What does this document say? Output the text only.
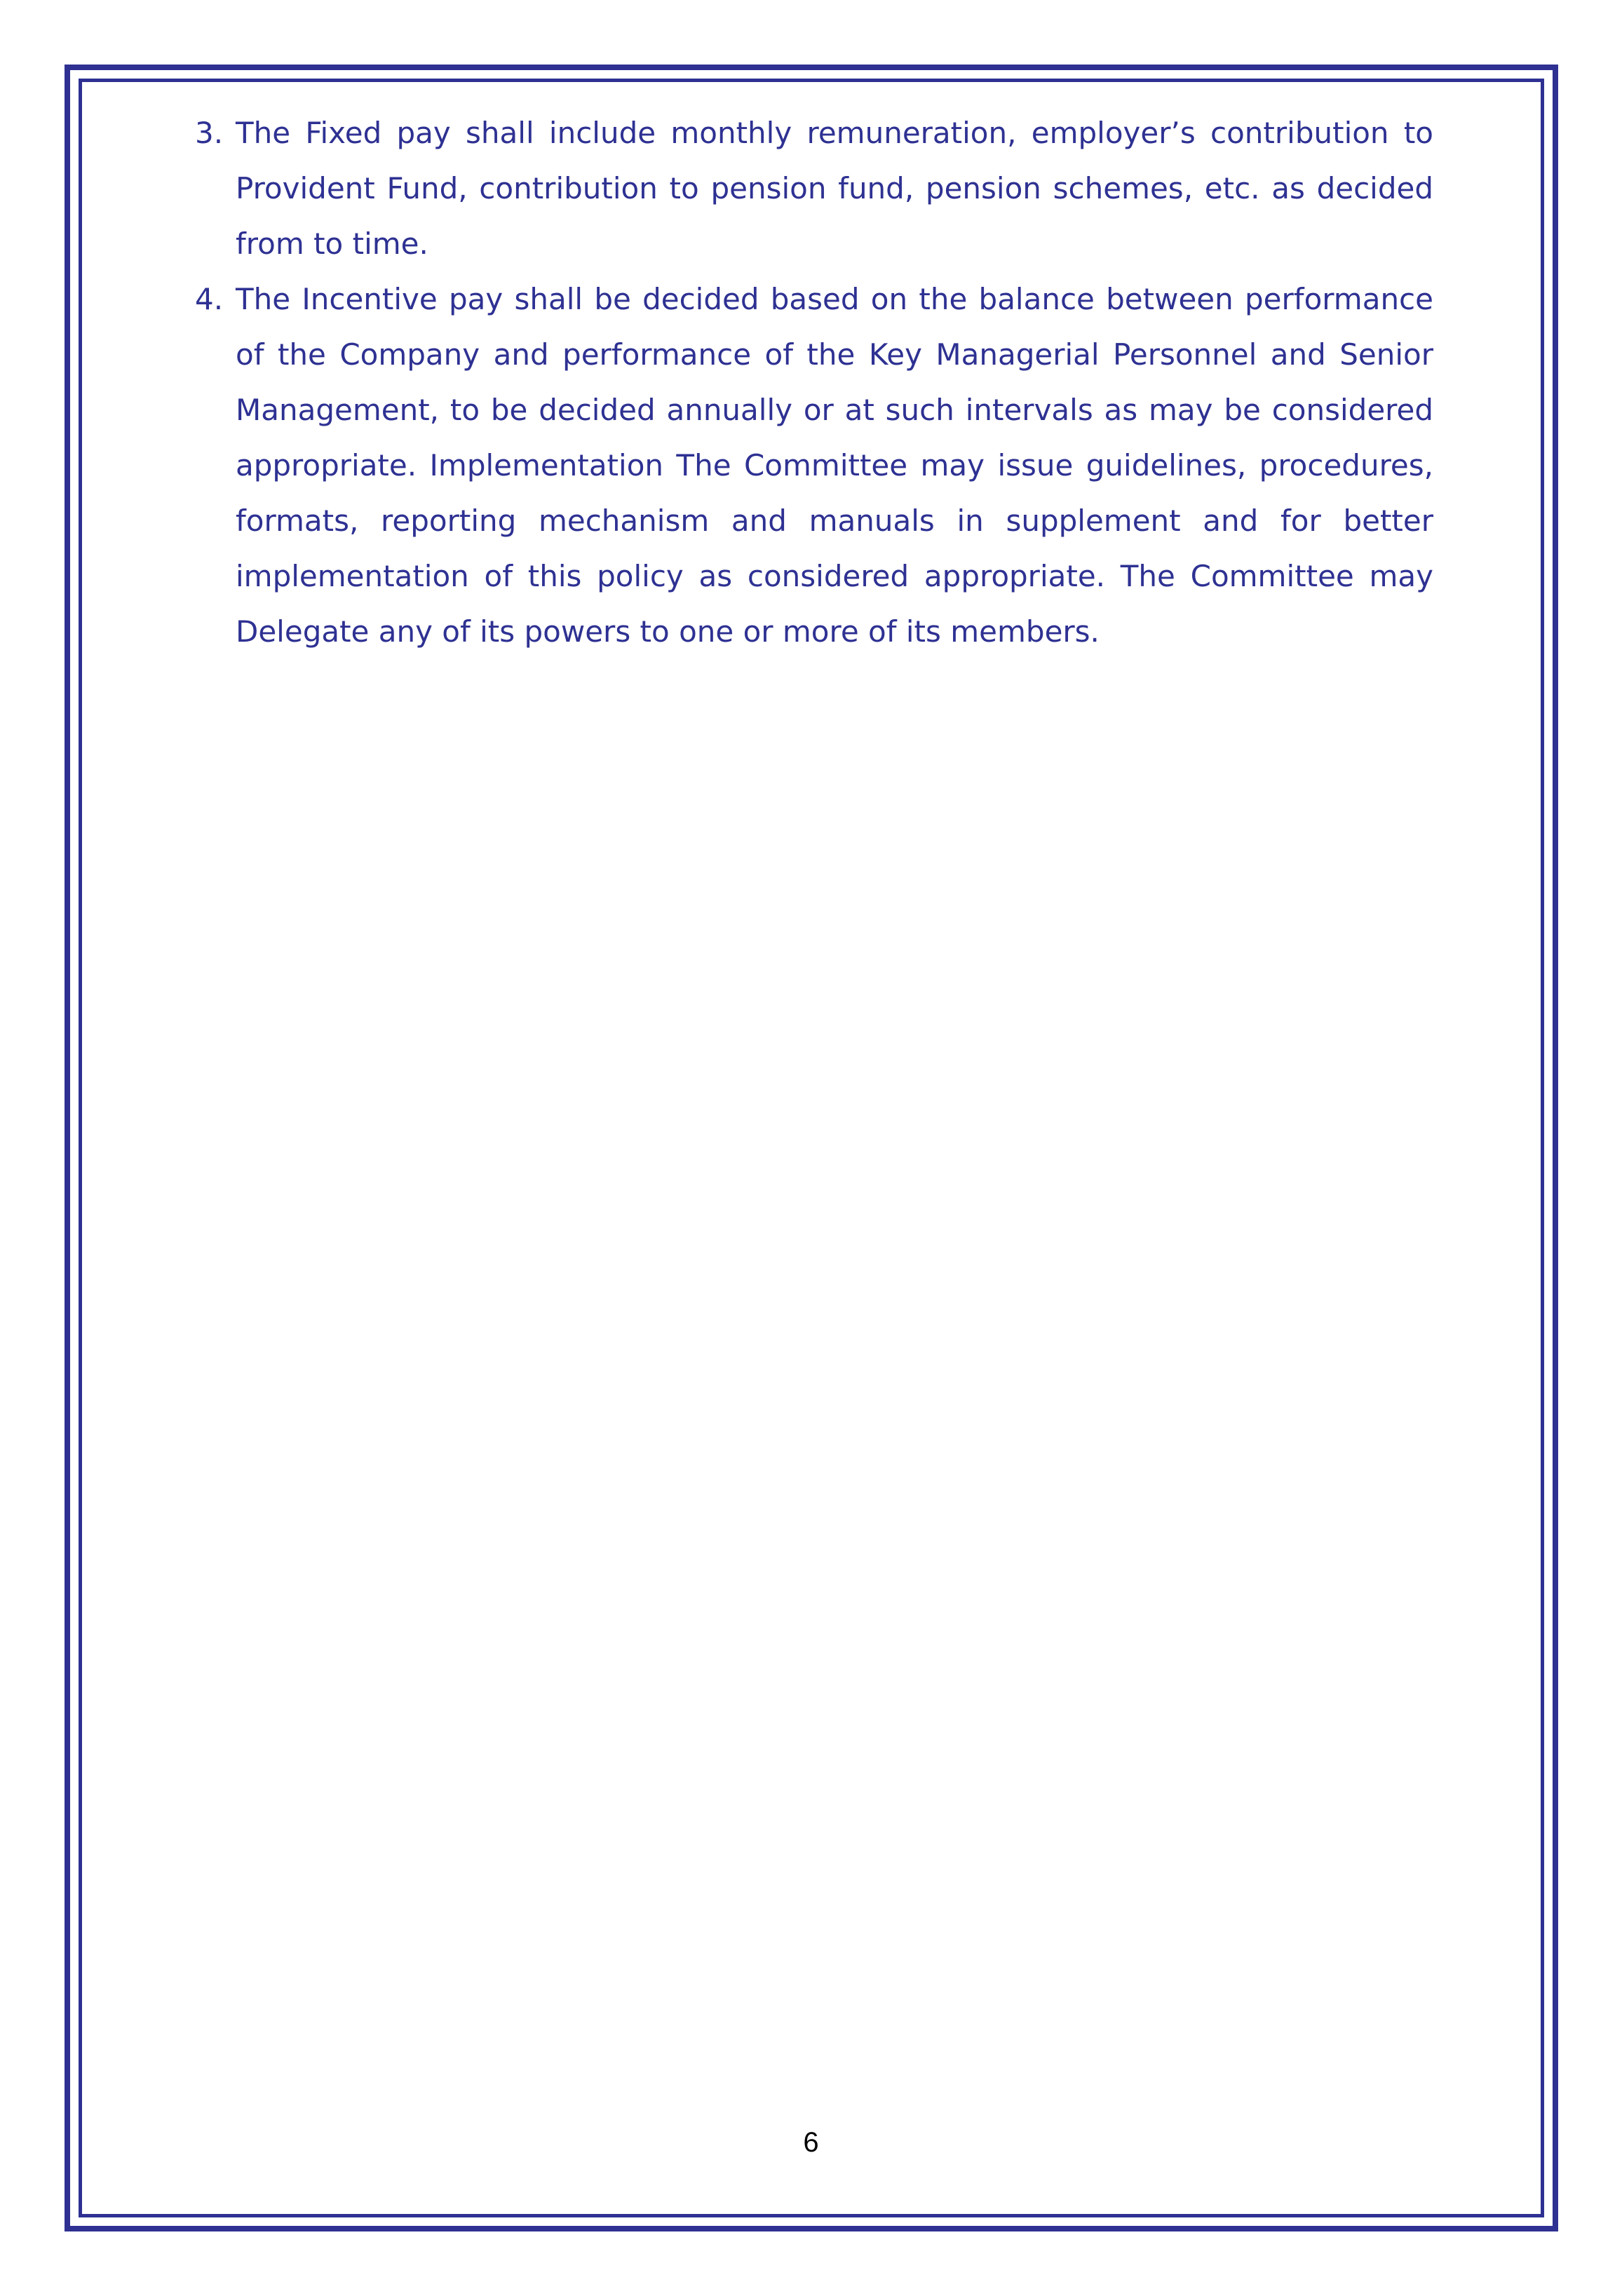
3. The Fixed pay shall include monthly remuneration, employer’s contribution to Provident Fund, contribution to pension fund, pension schemes, etc. as decided from to time.
4. The Incentive pay shall be decided based on the balance between performance of the Company and performance of the Key Managerial Personnel and Senior Management, to be decided annually or at such intervals as may be considered appropriate. Implementation The Committee may issue guidelines, procedures, formats, reporting mechanism and manuals in supplement and for better implementation of this policy as considered appropriate. The Committee may Delegate any of its powers to one or more of its members.
6
